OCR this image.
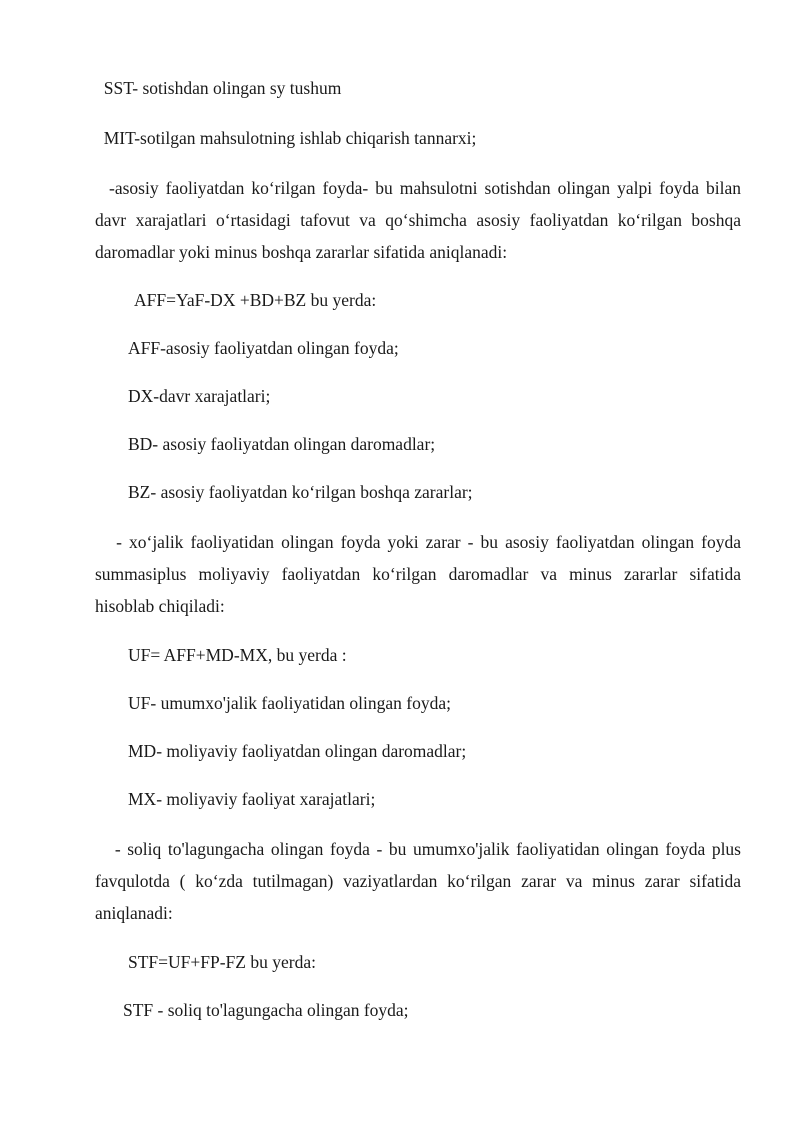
SST- sotishdan olingan sy tushum
MIT-sotilgan mahsulotning ishlab chiqarish tannarxi;
-asosiy faoliyatdan ko‘rilgan foyda- bu mahsulotni sotishdan olingan yalpi foyda bilan davr xarajatlari o‘rtasidagi tafovut va qo‘shimcha asosiy faoliyatdan ko‘rilgan boshqa daromadlar yoki minus boshqa zararlar sifatida aniqlanadi:
AFF=YaF-DX +BD+BZ bu yerda:
AFF-asosiy faoliyatdan olingan foyda;
DX-davr xarajatlari;
BD- asosiy faoliyatdan olingan daromadlar;
BZ- asosiy faoliyatdan ko‘rilgan boshqa zararlar;
- xo‘jalik faoliyatidan olingan foyda yoki zarar - bu asosiy faoliyatdan olingan foyda summasiplus moliyaviy faoliyatdan ko‘rilgan daromadlar va minus zararlar sifatida hisoblab chiqiladi:
UF= AFF+MD-MX, bu yerda :
UF- umumxo'jalik faoliyatidan olingan foyda;
MD- moliyaviy faoliyatdan olingan daromadlar;
MX- moliyaviy faoliyat xarajatlari;
- soliq to'lagungacha olingan foyda - bu umumxo'jalik faoliyatidan olingan foyda plus favqulotda ( ko‘zda tutilmagan) vaziyatlardan ko‘rilgan zarar va minus zarar sifatida aniqlanadi:
STF=UF+FP-FZ bu yerda:
STF - soliq to'lagungacha olingan foyda;
